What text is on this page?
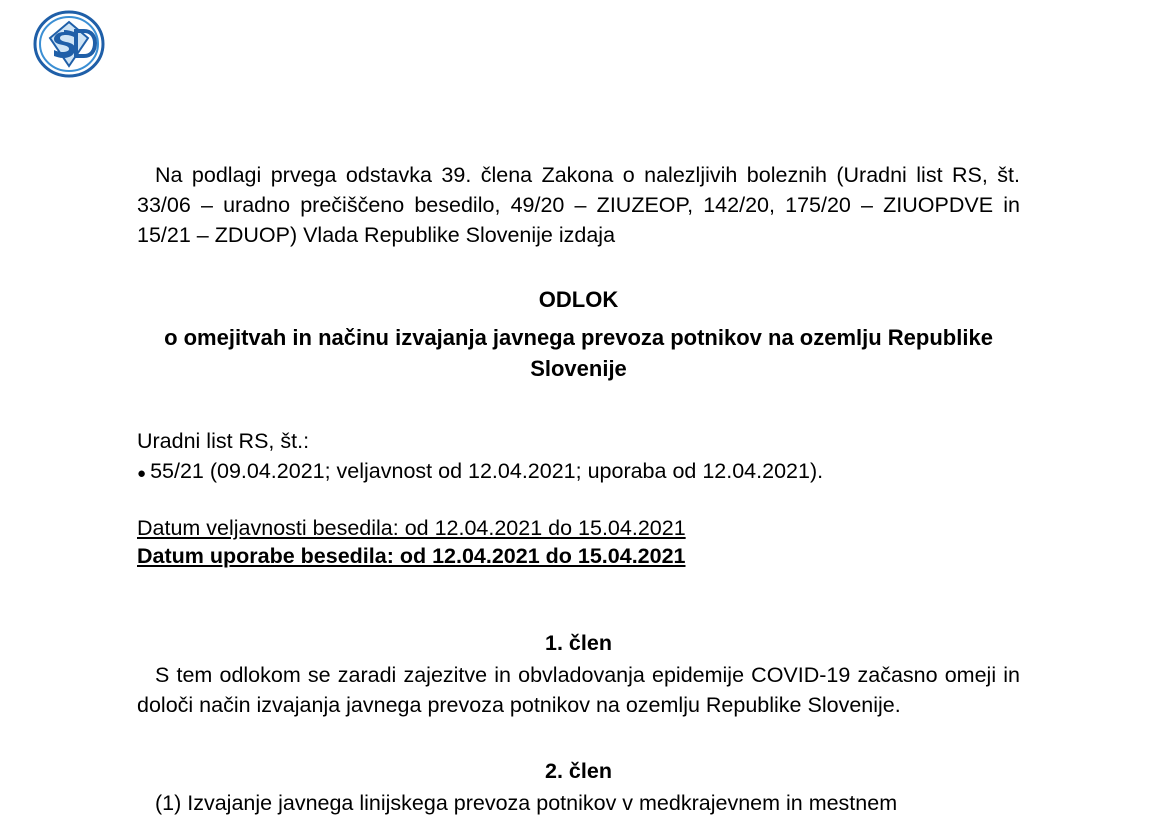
Na podlagi prvega odstavka 39. člena Zakona o nalezljivih boleznih (Uradni list RS, št. 33/06 – uradno prečiščeno besedilo, 49/20 – ZIUZEOP, 142/20, 175/20 – ZIUOPDVE in 15/21 – ZDUOP) Vlada Republike Slovenije izdaja

ODLOK

o omejitvah in načinu izvajanja javnega prevoza potnikov na ozemlju Republike Slovenije

Uradni list RS, št.:

● 55/21 (09.04.2021; veljavnost od 12.04.2021; uporaba od 12.04.2021).

Datum veljavnosti besedila: od 12.04.2021 do 15.04.2021

Datum uporabe besedila: od 12.04.2021 do 15.04.2021

1. člen

S tem odlokom se zaradi zajezitve in obvladovanja epidemije COVID-19 začasno omeji in določi način izvajanja javnega prevoza potnikov na ozemlju Republike Slovenije.

2. člen

(1) Izvajanje javnega linijskega prevoza potnikov v medkrajevnem in mestnem
